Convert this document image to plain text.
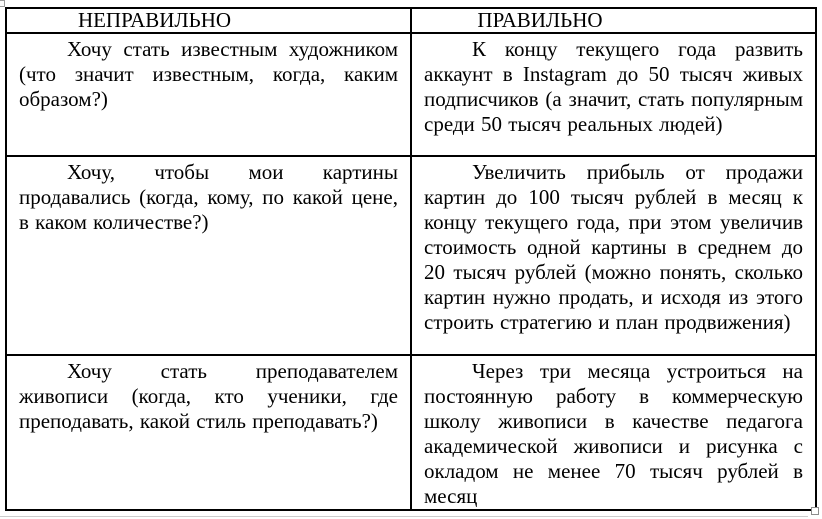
НЕПРАВИЛЬНО	ПРАВИЛЬНО

Хочу стать известным художником (что значит известным, когда, каким образом?)	К концу текущего года развить аккаунт в Instagram до 50 тысяч живых подписчиков (а значит, стать популярным среди 50 тысяч реальных людей)

Хочу, чтобы мои картины продавались (когда, кому, по какой цене, в каком количестве?)	Увеличить прибыль от продажи картин до 100 тысяч рублей в месяц к концу текущего года, при этом увеличив стоимость одной картины в среднем до 20 тысяч рублей (можно понять, сколько картин нужно продать, и исходя из этого строить стратегию и план продвижения)

Хочу стать преподавателем живописи (когда, кто ученики, где преподавать, какой стиль преподавать?)	Через три месяца устроиться на постоянную работу в коммерческую школу живописи в качестве педагога академической живописи и рисунка с окладом не менее 70 тысяч рублей в месяц
